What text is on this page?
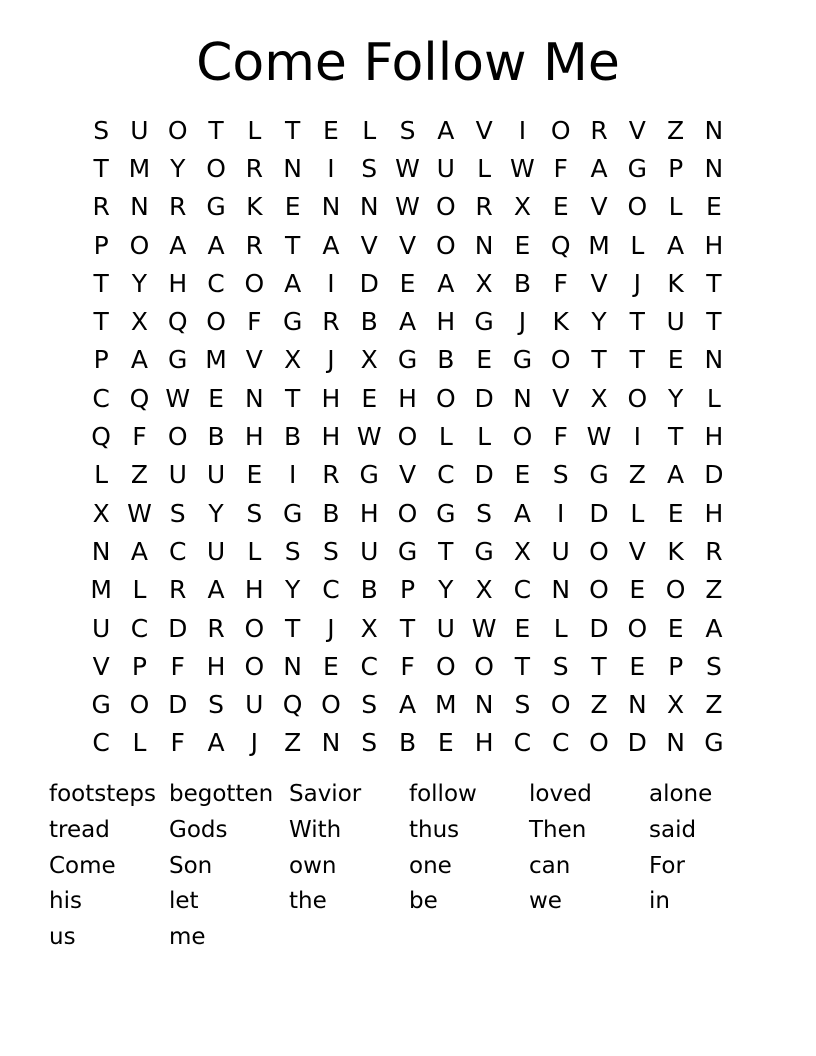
Come Follow Me
S U O T L T E L S A V	I O R V Z N
T M Y O R N	I	S W U L W F A G P N
R N R G K E N N W O R X E V O L E
P O A A R T A V V O N E Q M L A H
T Y H C O A	I D E A X B F V	J	K T
T X Q O F G R B A H G J	K Y T U T
P A G M V X	J	X G B E G O T T E N
C Q W E N T H E H O D N V X O Y L
Q F O B H B H W O L L O F W I	T H
L Z U U E	I	R G V C D E S G Z A D
X W S Y S G B H O G S A	I D L E H
N A C U L S S U G T G X U O V K R
M L R A H Y C B P Y X C N O E O Z
U C D R O T	J	X T U W E L D O E A
V P F H O N E C F O O T S T E P S
G O D S U Q O S A M N S O Z N X Z
C L F A	J	Z N S B E H C C O D N G
footsteps begotten Savior	follow	loved	alone
tread	Gods	With	thus	Then	said
Come	Son	own	one	can	For
his	let	the	be	we	in
us	me
